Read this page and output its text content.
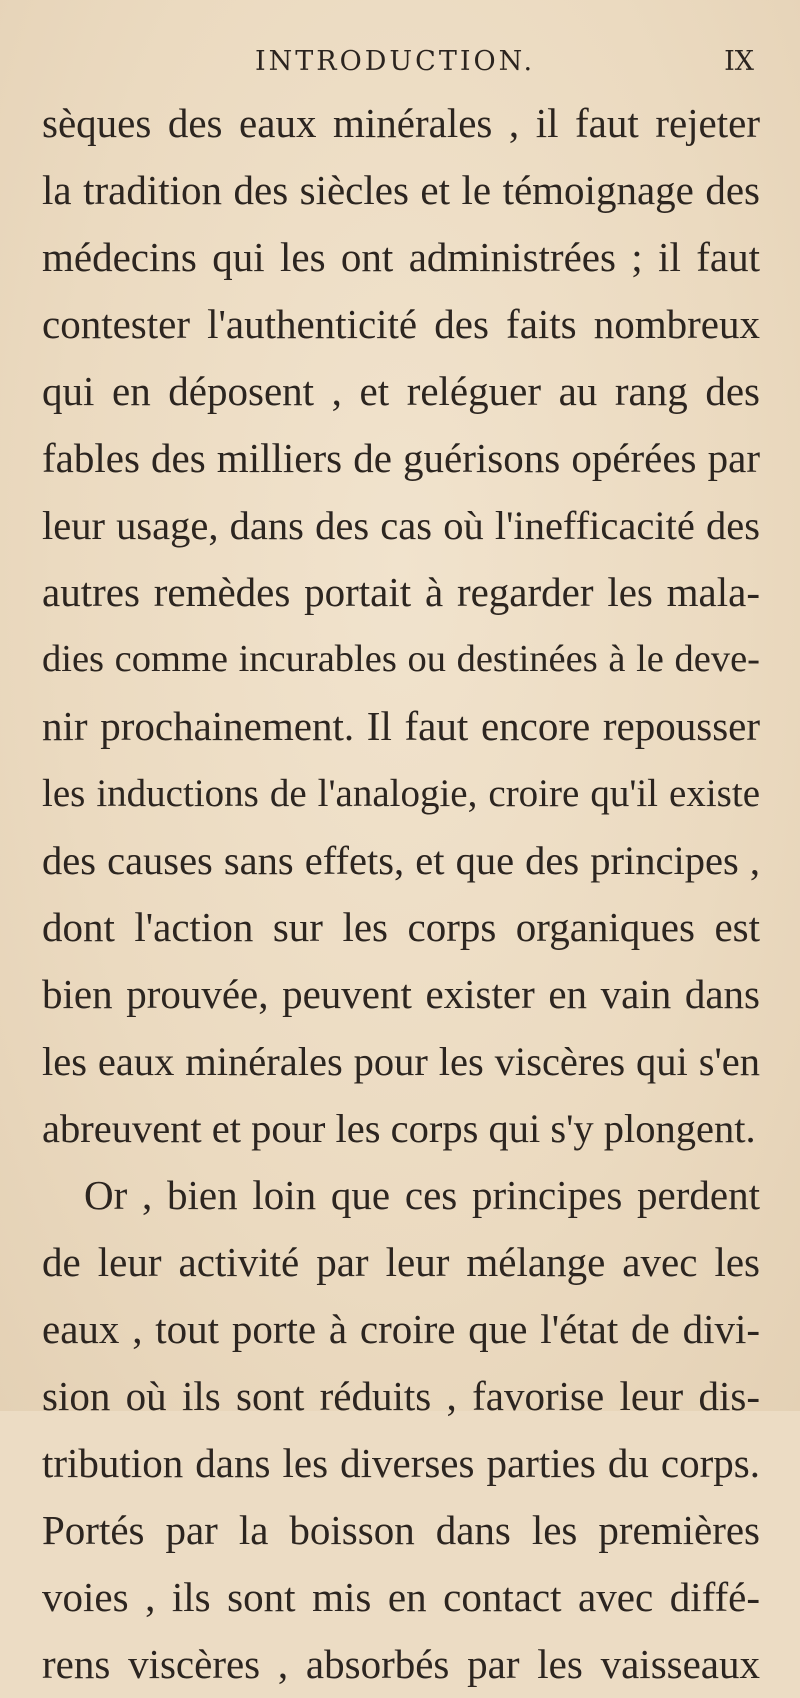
INTRODUCTION.	IX
sèques des eaux minérales , il faut rejeter
la tradition des siècles et le témoignage des
médecins qui les ont administrées ; il faut
contester l'authenticité des faits nombreux
qui en déposent , et reléguer au rang des
fables des milliers de guérisons opérées par
leur usage, dans des cas où l'inefficacité des
autres remèdes portait à regarder les mala-
dies comme incurables ou destinées à le deve-
nir prochainement. Il faut encore repousser
les inductions de l'analogie, croire qu'il existe
des causes sans effets, et que des principes ,
dont l'action sur les corps organiques est
bien prouvée, peuvent exister en vain dans
les eaux minérales pour les viscères qui s'en
abreuvent et pour les corps qui s'y plongent.
Or , bien loin que ces principes perdent
de leur activité par leur mélange avec les
eaux , tout porte à croire que l'état de divi-
sion où ils sont réduits , favorise leur dis-
tribution dans les diverses parties du corps.
Portés par la boisson dans les premières
voies , ils sont mis en contact avec diffé-
rens viscères , absorbés par les vaisseaux
